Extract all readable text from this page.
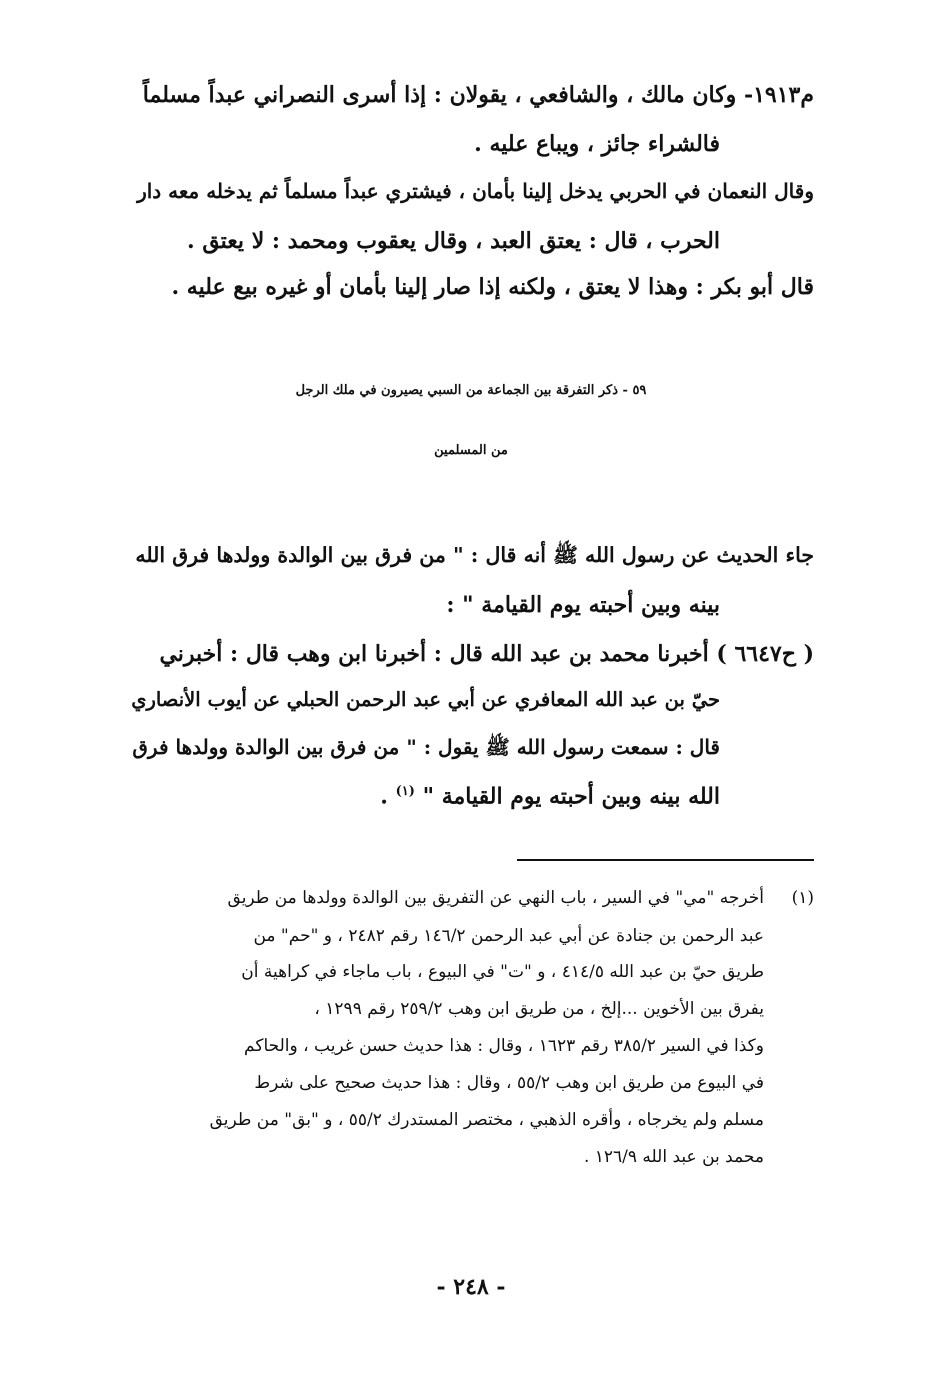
م١٩١٣- وكان مالك ، والشافعي ، يقولان : إذا أسرى النصراني عبداً مسلماً
فالشراء جائز ، ويباع عليه .
وقال النعمان في الحربي يدخل إلينا بأمان ، فيشتري عبداً مسلماً ثم يدخله معه دار
الحرب ، قال : يعتق العبد ، وقال يعقوب ومحمد : لا يعتق .
قال أبو بكر : وهذا لا يعتق ، ولكنه إذا صار إلينا بأمان أو غيره بيع عليه .
٥٩ - ذكر التفرقة بين الجماعة من السبي يصيرون في ملك الرجل
من المسلمين
جاء الحديث عن رسول الله ﷺ أنه قال : " من فرق بين الوالدة وولدها فرق الله
بينه وبين أحبته يوم القيامة " :
( ح٦٦٤٧ ) أخبرنا محمد بن عبد الله قال : أخبرنا ابن وهب قال : أخبرني
حيّ بن عبد الله المعافري عن أبي عبد الرحمن الحبلي عن أيوب الأنصاري
قال : سمعت رسول الله ﷺ يقول : " من فرق بين الوالدة وولدها فرق
الله بينه وبين أحبته يوم القيامة " $^{(١)}$ .
(١)
أخرجه "مي" في السير ، باب النهي عن التفريق بين الوالدة وولدها من طريق
عبد الرحمن بن جنادة عن أبي عبد الرحمن ١٤٦/٢ رقم ٢٤٨٢ ، و "حم" من
طريق حيّ بن عبد الله ٤١٤/٥ ، و "ت" في البيوع ، باب ماجاء في كراهية أن
يفرق بين الأخوين ...إلخ ، من طريق ابن وهب ٢٥٩/٢ رقم ١٢٩٩ ،
وكذا في السير ٣٨٥/٢ رقم ١٦٢٣ ، وقال : هذا حديث حسن غريب ، والحاكم
في البيوع من طريق ابن وهب ٥٥/٢ ، وقال : هذا حديث صحيح على شرط
مسلم ولم يخرجاه ، وأقره الذهبي ، مختصر المستدرك ٥٥/٢ ، و "بق" من طريق
محمد بن عبد الله ١٢٦/٩ .
- ٢٤٨ -
